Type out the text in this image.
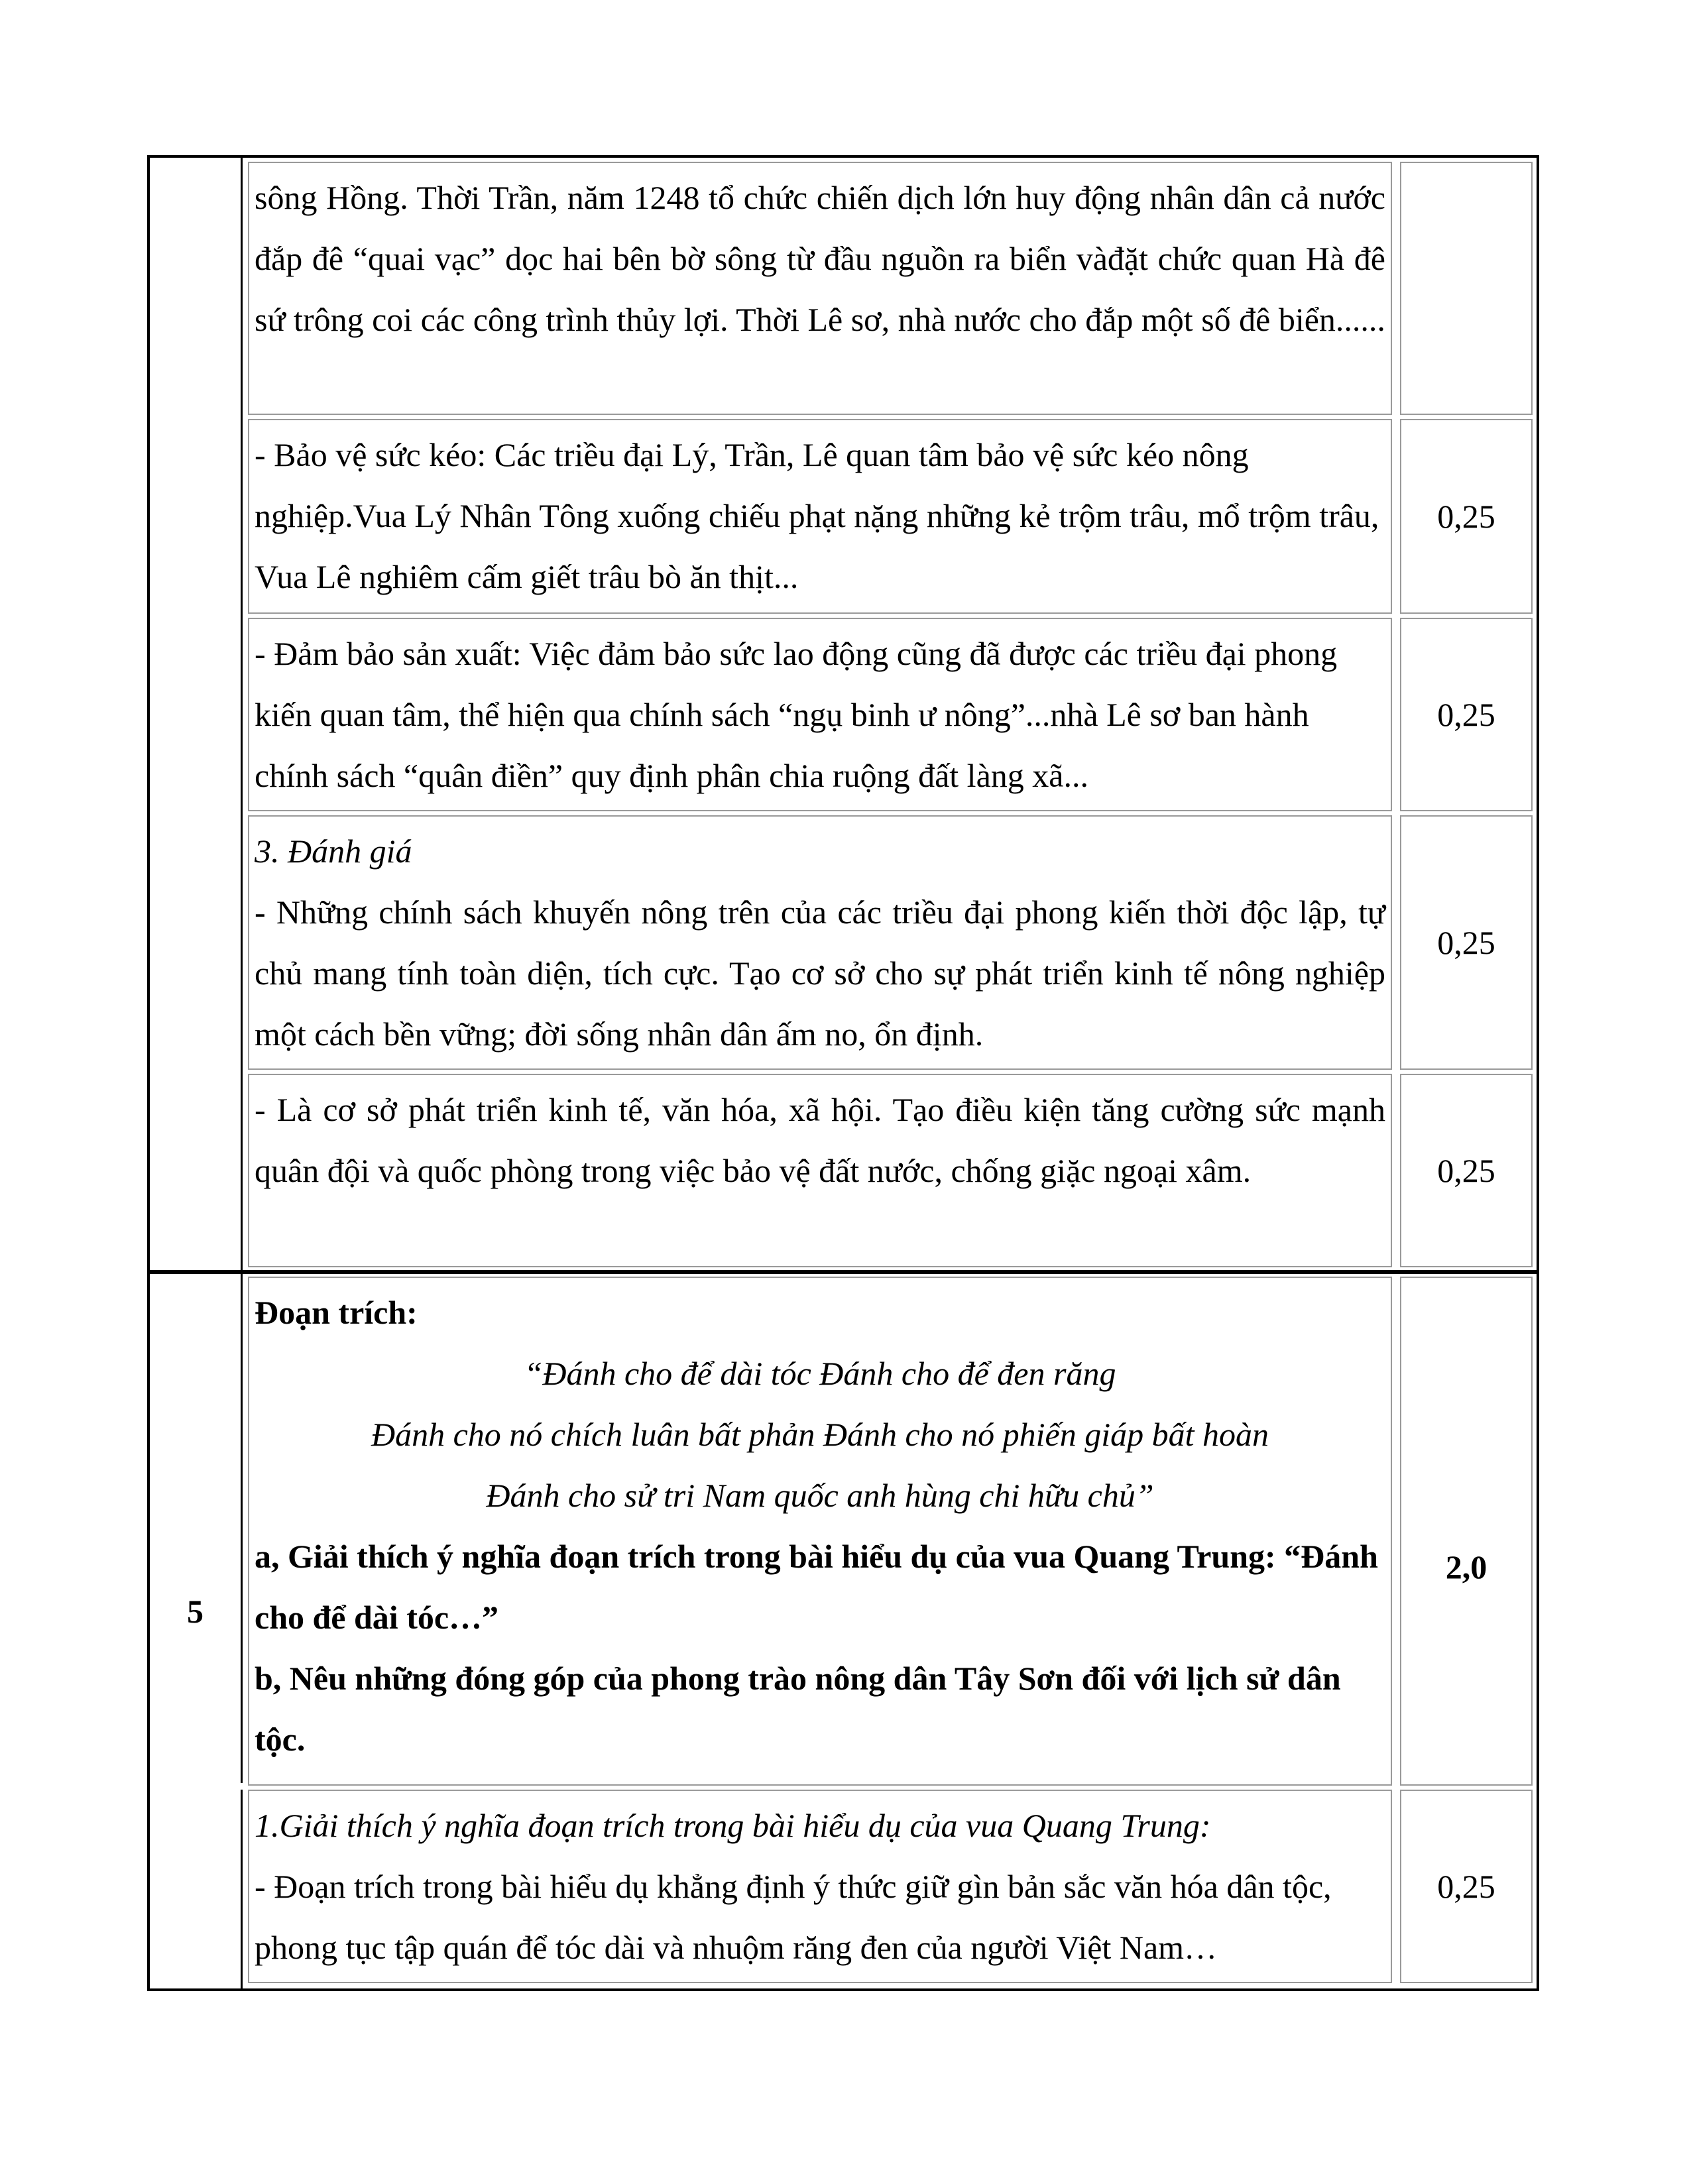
sông Hồng. Thời Trần, năm 1248 tổ chức chiến dịch lớn huy động nhân dân cả nước đắp đê “quai vạc” dọc hai bên bờ sông từ đầu nguồn ra biển vàđặt chức quan Hà đê sứ trông coi các công trình thủy lợi. Thời Lê sơ, nhà nước cho đắp một số đê biển......
- Bảo vệ sức kéo: Các triều đại Lý, Trần, Lê quan tâm bảo vệ sức kéo nông nghiệp.Vua Lý Nhân Tông xuống chiếu phạt nặng những kẻ trộm trâu, mổ trộm trâu, Vua Lê nghiêm cấm giết trâu bò ăn thịt...
0,25
- Đảm bảo sản xuất: Việc đảm bảo sức lao động cũng đã được các triều đại phong kiến quan tâm, thể hiện qua chính sách “ngụ binh ư nông”...nhà Lê sơ ban hành chính sách “quân điền” quy định phân chia ruộng đất làng xã...
0,25
3. Đánh giá
- Những chính sách khuyến nông trên của các triều đại phong kiến thời độc lập, tự chủ mang tính toàn diện, tích cực. Tạo cơ sở cho sự phát triển kinh tế nông nghiệp một cách bền vững; đời sống nhân dân ấm no, ổn định.
0,25
- Là cơ sở phát triển kinh tế, văn hóa, xã hội. Tạo điều kiện tăng cường sức mạnh quân đội và quốc phòng trong việc bảo vệ đất nước, chống giặc ngoại xâm.	0,25
5
Đoạn trích:
“Đánh cho để dài tóc Đánh cho để đen răng
Đánh cho nó chích luân bất phản Đánh cho nó phiến giáp bất hoàn
Đánh cho sử tri Nam quốc anh hùng chi hữu chủ”
a, Giải thích ý nghĩa đoạn trích trong bài hiểu dụ của vua Quang Trung: “Đánh cho để dài tóc…”
b, Nêu những đóng góp của phong trào nông dân Tây Sơn đối với lịch sử dân tộc.
2,0
1.Giải thích ý nghĩa đoạn trích trong bài hiểu dụ của vua Quang Trung:
- Đoạn trích trong bài hiểu dụ khẳng định ý thức giữ gìn bản sắc văn hóa dân tộc, phong tục tập quán để tóc dài và nhuộm răng đen của người Việt Nam…
0,25
